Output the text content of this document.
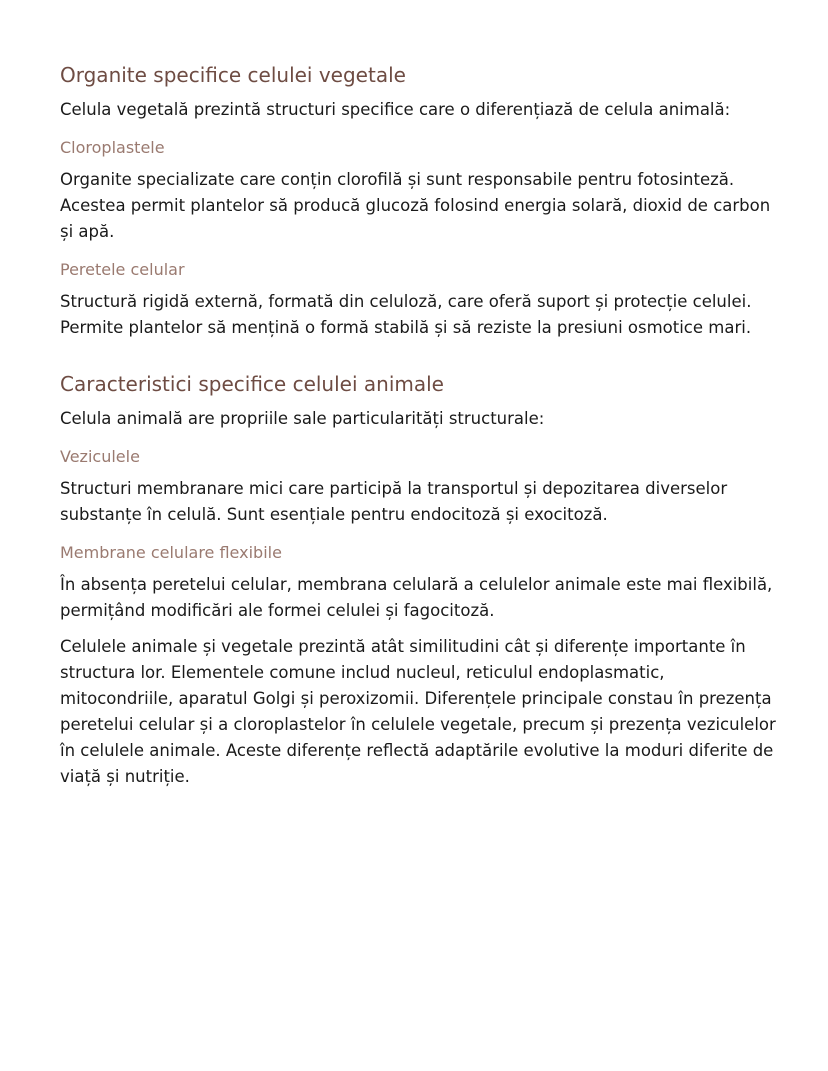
Organite specifice celulei vegetale

Celula vegetală prezintă structuri specifice care o diferențiază de celula animală:

Cloroplastele

Organite specializate care conțin clorofilă și sunt responsabile pentru fotosinteză. Acestea permit plantelor să producă glucoză folosind energia solară, dioxid de carbon și apă.

Peretele celular

Structură rigidă externă, formată din celuloză, care oferă suport și protecție celulei. Permite plantelor să mențină o formă stabilă și să reziste la presiuni osmotice mari.

Caracteristici specifice celulei animale

Celula animală are propriile sale particularități structurale:

Veziculele

Structuri membranare mici care participă la transportul și depozitarea diverselor substanțe în celulă. Sunt esențiale pentru endocitoză și exocitoză.

Membrane celulare flexibile

În absența peretelui celular, membrana celulară a celulelor animale este mai flexibilă, permițând modificări ale formei celulei și fagocitoză.

Celulele animale și vegetale prezintă atât similitudini cât și diferențe importante în structura lor. Elementele comune includ nucleul, reticulul endoplasmatic, mitocondriile, aparatul Golgi și peroxizomii. Diferențele principale constau în prezența peretelui celular și a cloroplastelor în celulele vegetale, precum și prezența veziculelor în celulele animale. Aceste diferențe reflectă adaptările evolutive la moduri diferite de viață și nutriție.
